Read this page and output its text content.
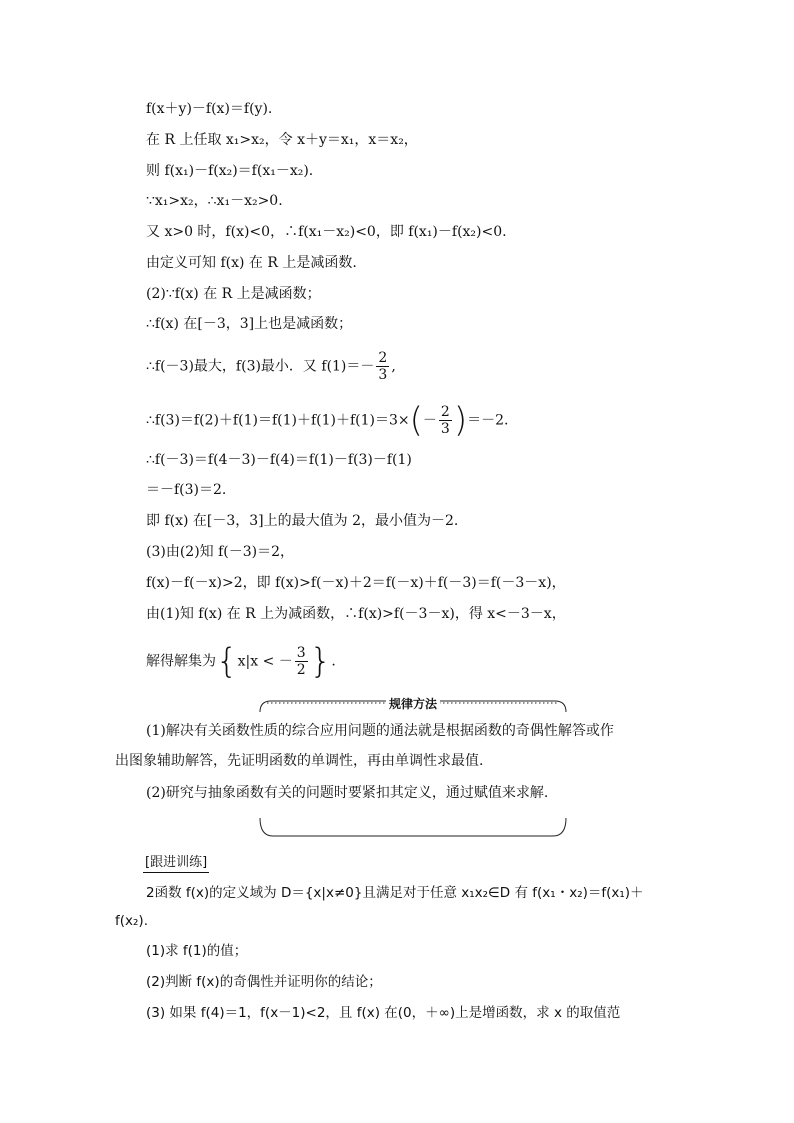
f(x＋y)－f(x)＝f(y).
在 R 上任取 x₁>x₂，令 x＋y＝x₁，x＝x₂，
则 f(x₁)－f(x₂)＝f(x₁－x₂).
∵x₁>x₂，∴x₁－x₂>0.
又 x>0 时，f(x)<0，∴f(x₁－x₂)<0，即 f(x₁)－f(x₂)<0.
由定义可知 f(x) 在 R 上是减函数.
(2)∵f(x) 在 R 上是减函数；
∴f(x) 在[－3，3]上也是减函数；
∴f(－3)最大，f(3)最小．又 $f(1)=- \frac{2}{3}$ ,
∴f(3)＝f(2)＋f(1)＝f(1)＋f(1)＋f(1)＝3×(－ $\frac{2}{3} )=-2$.
∴f(－3)＝f(4－3)－f(4)＝f(1)－f(3)－f(1)
＝－f(3)＝2.
即 f(x) 在[－3，3]上的最大值为 2，最小值为－2.
(3)由(2)知 f(－3)＝2，
f(x)－f(－x)>2，即 f(x)>f(－x)＋2＝f(－x)＋f(－3)＝f(－3－x)，
由(1)知 f(x) 在 R 上为减函数，∴f(x)>f(－3－x)，得 x<－3－x，
解得解集为{x|x < － $\frac{3}{2}$ }.
规律方法
(1)解决有关函数性质的综合应用问题的通法就是根据函数的奇偶性解答或作
出图象辅助解答，先证明函数的单调性，再由单调性求最值.
(2)研究与抽象函数有关的问题时要紧扣其定义，通过赋值来求解.
[跟进训练]
2函数 f(x)的定义域为 D＝{x|x≠0}且满足对于任意 x₁x₂∈D 有 f(x₁・x₂)＝f(x₁)＋
f(x₂).
(1)求 f(1)的值；
(2)判断 f(x)的奇偶性并证明你的结论；
(3) 如果 f(4)＝1，f(x－1)<2，且 f(x) 在(0，＋∞)上是增函数，求 x 的取值范
